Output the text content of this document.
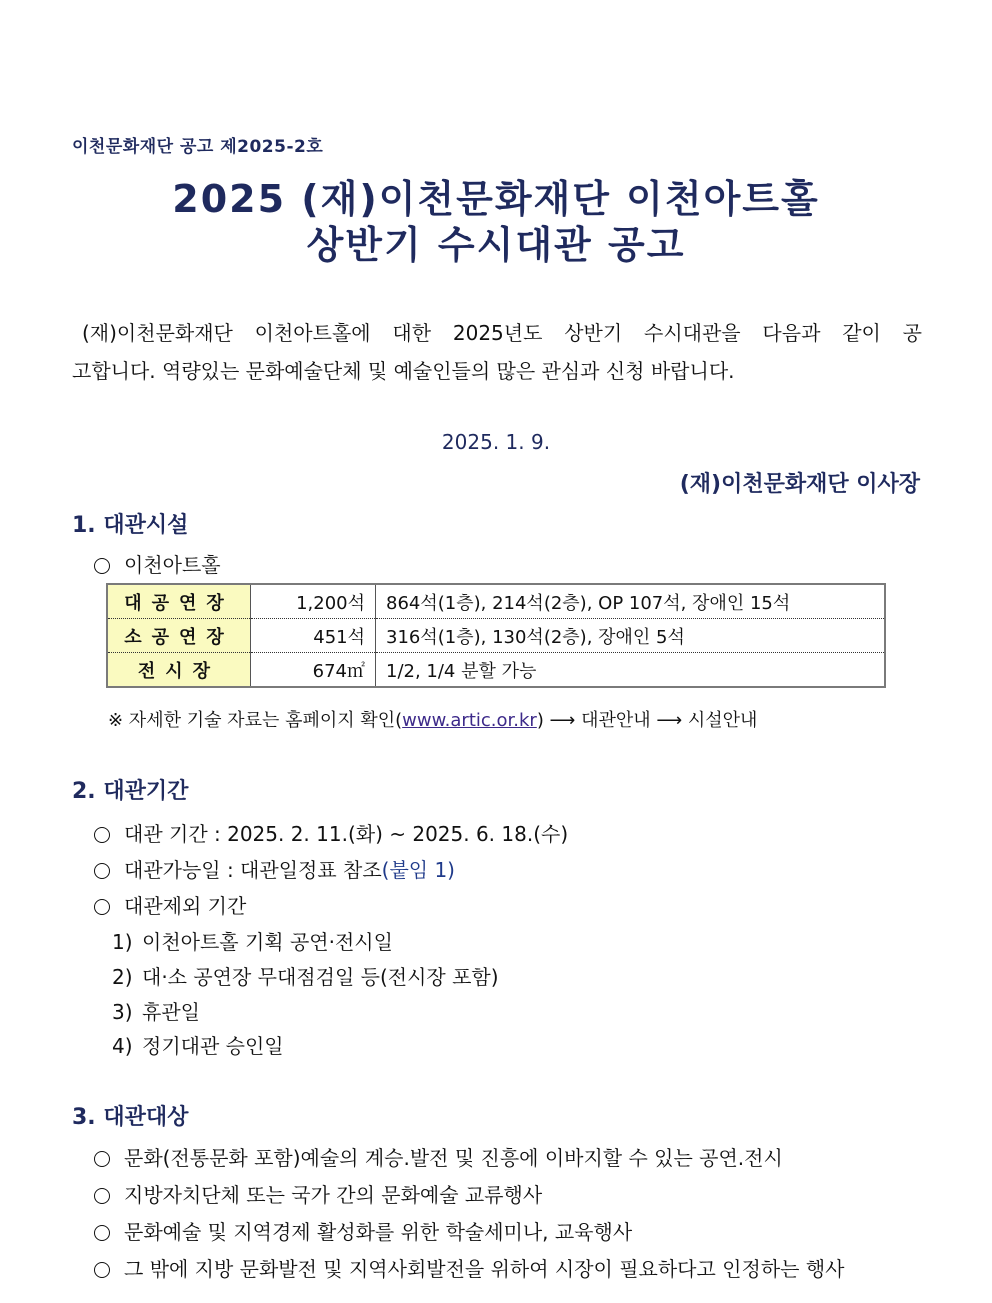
이천문화재단 공고 제2025-2호
2025 (재)이천문화재단 이천아트홀
상반기 수시대관 공고
(재)이천문화재단 이천아트홀에 대한 2025년도 상반기 수시대관을 다음과 같이 공
고합니다. 역량있는 문화예술단체 및 예술인들의 많은 관심과 신청 바랍니다.
2025. 1. 9.
(재)이천문화재단 이사장
1. 대관시설
이천아트홀
대공연장	1,200석	864석(1층), 214석(2층), OP 107석, 장애인 15석
소공연장	451석	316석(1층), 130석(2층), 장애인 5석
전시장	674㎡	1/2, 1/4 분할 가능
※ 자세한 기술 자료는 홈페이지 확인(www.artic.or.kr) ⟶ 대관안내 ⟶ 시설안내
2. 대관기간
대관 기간 : 2025. 2. 11.(화) ~ 2025. 6. 18.(수)
대관가능일 : 대관일정표 참조(붙임 1)
대관제외 기간
1) 이천아트홀 기획 공연·전시일
2) 대·소 공연장 무대점검일 등(전시장 포함)
3) 휴관일
4) 정기대관 승인일
3. 대관대상
문화(전통문화 포함)예술의 계승.발전 및 진흥에 이바지할 수 있는 공연.전시
지방자치단체 또는 국가 간의 문화예술 교류행사
문화예술 및 지역경제 활성화를 위한 학술세미나, 교육행사
그 밖에 지방 문화발전 및 지역사회발전을 위하여 시장이 필요하다고 인정하는 행사
